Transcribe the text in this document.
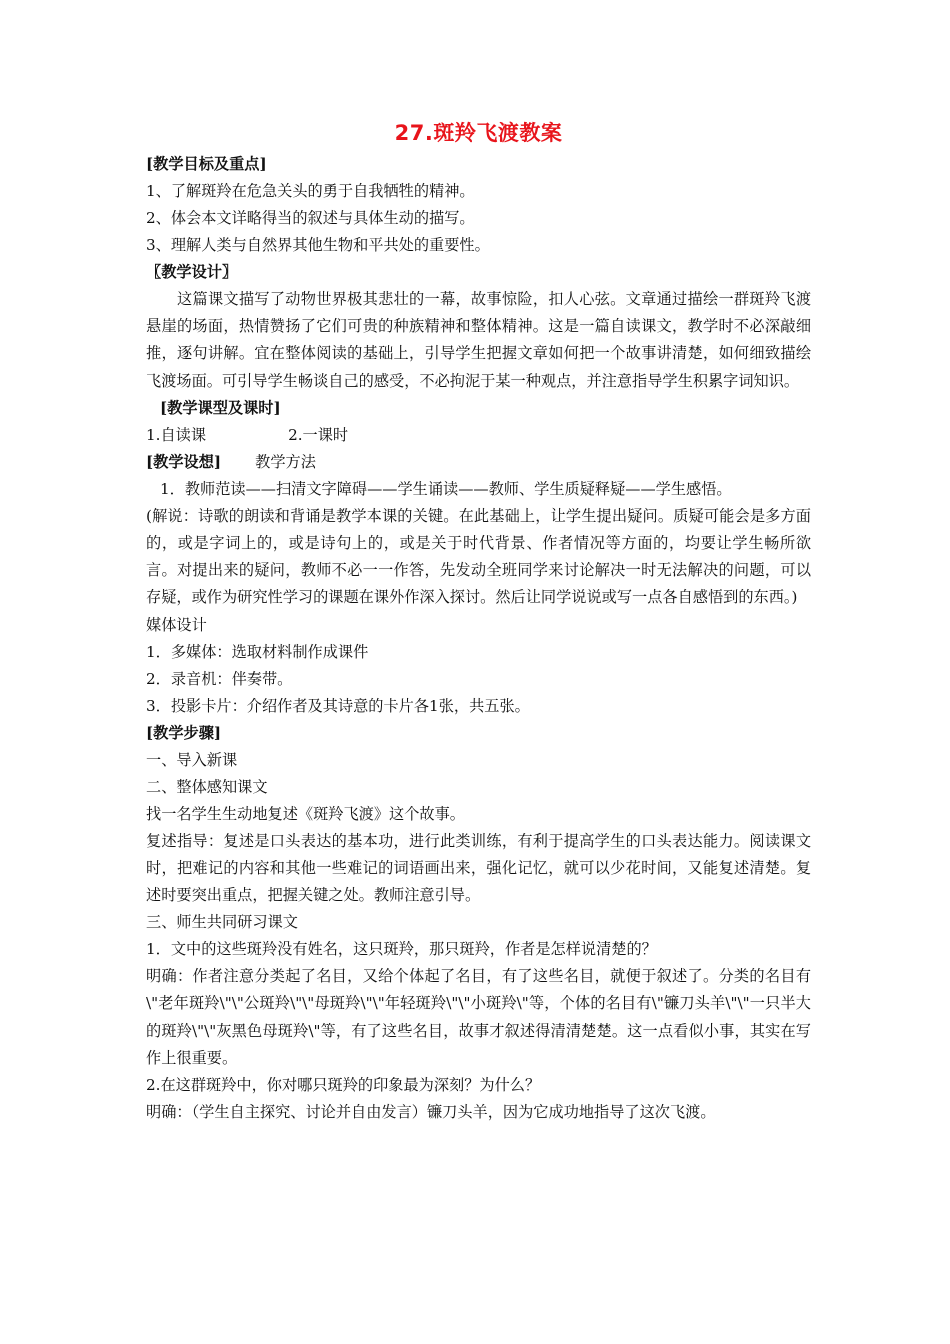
27.斑羚飞渡教案
[教学目标及重点]
1、了解斑羚在危急关头的勇于自我牺牲的精神。
2、体会本文详略得当的叙述与具体生动的描写。
3、理解人类与自然界其他生物和平共处的重要性。
〖教学设计〗
这篇课文描写了动物世界极其悲壮的一幕，故事惊险，扣人心弦。文章通过描绘一群斑羚飞渡悬崖的场面，热情赞扬了它们可贵的种族精神和整体精神。这是一篇自读课文，教学时不必深敲细推，逐句讲解。宜在整体阅读的基础上，引导学生把握文章如何把一个故事讲清楚，如何细致描绘飞渡场面。可引导学生畅谈自己的感受，不必拘泥于某一种观点，并注意指导学生积累字词知识。
[教学课型及课时]
1.自读课	2.一课时
[教学设想] 教学方法
1．教师范读——扫清文字障碍——学生诵读——教师、学生质疑释疑——学生感悟。
(解说：诗歌的朗读和背诵是教学本课的关键。在此基础上，让学生提出疑问。质疑可能会是多方面的，或是字词上的，或是诗句上的，或是关于时代背景、作者情况等方面的，均要让学生畅所欲言。对提出来的疑问，教师不必一一作答，先发动全班同学来讨论解决一时无法解决的问题，可以存疑，或作为研究性学习的课题在课外作深入探讨。然后让同学说说或写一点各自感悟到的东西。)
媒体设计
1．多媒体：选取材料制作成课件
2．录音机：伴奏带。
3．投影卡片：介绍作者及其诗意的卡片各1张，共五张。
[教学步骤]
一、导入新课
二、整体感知课文
找一名学生生动地复述《斑羚飞渡》这个故事。
复述指导：复述是口头表达的基本功，进行此类训练，有利于提高学生的口头表达能力。阅读课文时，把难记的内容和其他一些难记的词语画出来，强化记忆，就可以少花时间，又能复述清楚。复述时要突出重点，把握关键之处。教师注意引导。
三、师生共同研习课文
1．文中的这些斑羚没有姓名，这只斑羚，那只斑羚，作者是怎样说清楚的？
明确：作者注意分类起了名目，又给个体起了名目，有了这些名目，就便于叙述了。分类的名目有\"老年斑羚\"\"公斑羚\"\"母斑羚\"\"年轻斑羚\"\"小斑羚\"等，个体的名目有\"镰刀头羊\"\"一只半大的斑羚\"\"灰黑色母斑羚\"等，有了这些名目，故事才叙述得清清楚楚。这一点看似小事，其实在写作上很重要。
2.在这群斑羚中，你对哪只斑羚的印象最为深刻？为什么？
明确：（学生自主探究、讨论并自由发言）镰刀头羊，因为它成功地指导了这次飞渡。
